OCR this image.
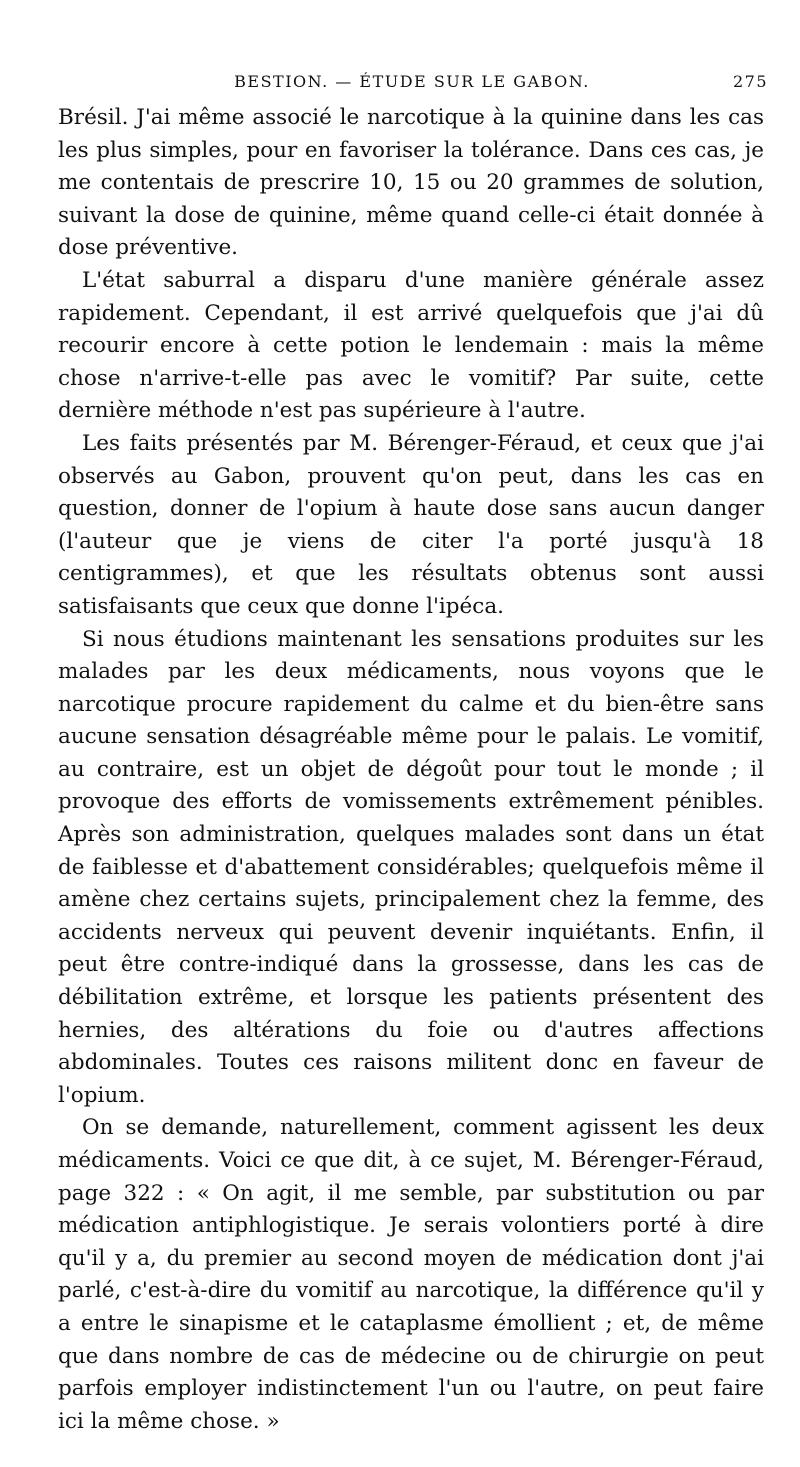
BESTION. — ÉTUDE SUR LE GABON.	275

Brésil. J'ai même associé le narcotique à la quinine dans les cas les plus simples, pour en favoriser la tolérance. Dans ces cas, je me contentais de prescrire 10, 15 ou 20 grammes de solution, suivant la dose de quinine, même quand celle-ci était donnée à dose préventive.

L'état saburral a disparu d'une manière générale assez rapidement. Cependant, il est arrivé quelquefois que j'ai dû recourir encore à cette potion le lendemain : mais la même chose n'arrive-t-elle pas avec le vomitif? Par suite, cette dernière méthode n'est pas supérieure à l'autre.

Les faits présentés par M. Bérenger-Féraud, et ceux que j'ai observés au Gabon, prouvent qu'on peut, dans les cas en question, donner de l'opium à haute dose sans aucun danger (l'auteur que je viens de citer l'a porté jusqu'à 18 centigrammes), et que les résultats obtenus sont aussi satisfaisants que ceux que donne l'ipéca.

Si nous étudions maintenant les sensations produites sur les malades par les deux médicaments, nous voyons que le narcotique procure rapidement du calme et du bien-être sans aucune sensation désagréable même pour le palais. Le vomitif, au contraire, est un objet de dégoût pour tout le monde ; il provoque des efforts de vomissements extrêmement pénibles. Après son administration, quelques malades sont dans un état de faiblesse et d'abattement considérables; quelquefois même il amène chez certains sujets, principalement chez la femme, des accidents nerveux qui peuvent devenir inquiétants. Enfin, il peut être contre-indiqué dans la grossesse, dans les cas de débilitation extrême, et lorsque les patients présentent des hernies, des altérations du foie ou d'autres affections abdominales. Toutes ces raisons militent donc en faveur de l'opium.

On se demande, naturellement, comment agissent les deux médicaments. Voici ce que dit, à ce sujet, M. Bérenger-Féraud, page 322 : « On agit, il me semble, par substitution ou par médication antiphlogistique. Je serais volontiers porté à dire qu'il y a, du premier au second moyen de médication dont j'ai parlé, c'est-à-dire du vomitif au narcotique, la différence qu'il y a entre le sinapisme et le cataplasme émollient ; et, de même que dans nombre de cas de médecine ou de chirurgie on peut parfois employer indistinctement l'un ou l'autre, on peut faire ici la même chose. »
